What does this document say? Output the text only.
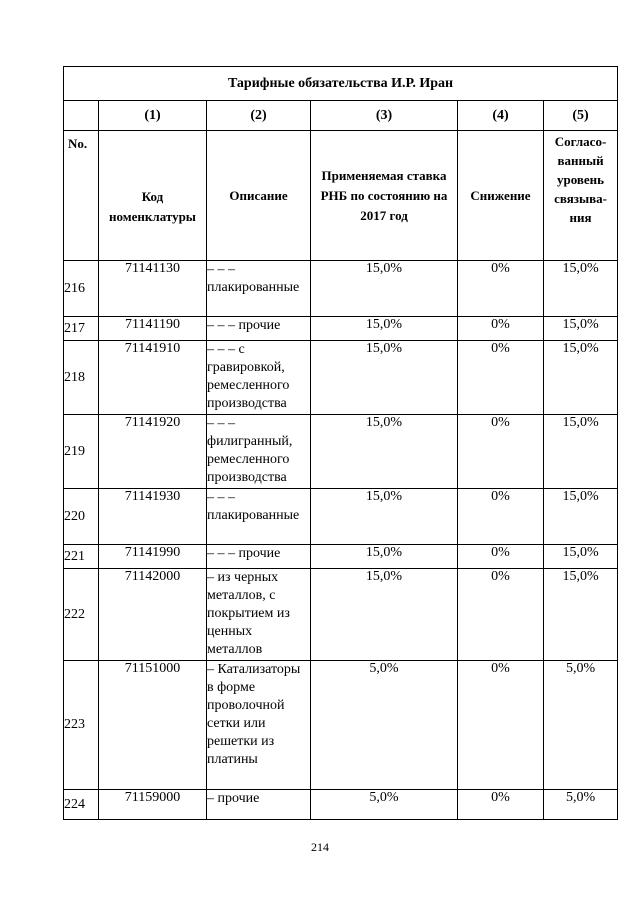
Тарифные обязательства И.Р. Иран					
	(1)	(2)	(3)	(4)	(5)
No.	Код номенклатуры	Описание	Применяемая ставка РНБ по состоянию на 2017 год	Снижение	Согласо- ванный уровень связыва- ния
216	71141130	– – – плакированные	15,0%	0%	15,0%
217	71141190	– – – прочие	15,0%	0%	15,0%
218	71141910	– – – с гравировкой, ремесленного производства	15,0%	0%	15,0%
219	71141920	– – – филигранный, ремесленного производства	15,0%	0%	15,0%
220	71141930	– – – плакированные	15,0%	0%	15,0%
221	71141990	– – – прочие	15,0%	0%	15,0%
222	71142000	– из черных металлов, с покрытием из ценных металлов	15,0%	0%	15,0%
223	71151000	– Катализаторы в форме проволочной сетки или решетки из платины	5,0%	0%	5,0%
224	71159000	– прочие	5,0%	0%	5,0%
214
